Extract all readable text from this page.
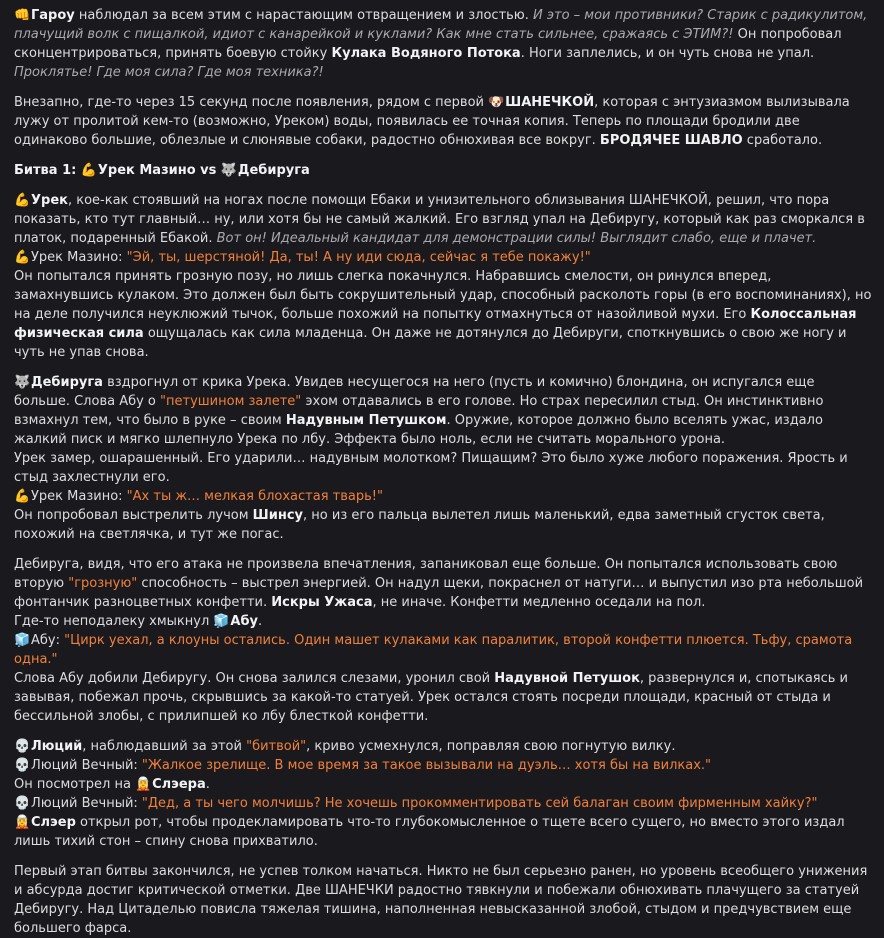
👊Гароу наблюдал за всем этим с нарастающим отвращением и злостью. И это – мои противники? Старик с радикулитом, плачущий волк с пищалкой, идиот с канарейкой и куклами? Как мне стать сильнее, сражаясь с ЭТИМ?! Он попробовал сконцентрироваться, принять боевую стойку Кулака Водяного Потока. Ноги заплелись, и он чуть снова не упал. Проклятье! Где моя сила? Где моя техника?!

Внезапно, где-то через 15 секунд после появления, рядом с первой 🐶ШАНЕЧКОЙ, которая с энтузиазмом вылизывала лужу от пролитой кем-то (возможно, Уреком) воды, появилась ее точная копия. Теперь по площади бродили две одинаково большие, облезлые и слюнявые собаки, радостно обнюхивая все вокруг. БРОДЯЧЕЕ ШАВЛО сработало.

Битва 1: 💪Урек Мазино vs 🐺Дебируга

💪Урек, кое-как стоявший на ногах после помощи Ебаки и унизительного облизывания ШАНЕЧКОЙ, решил, что пора показать, кто тут главный… ну, или хотя бы не самый жалкий. Его взгляд упал на Дебиругу, который как раз сморкался в платок, подаренный Ебакой. Вот он! Идеальный кандидат для демонстрации силы! Выглядит слабо, еще и плачет.

💪Урек Мазино: "Эй, ты, шерстяной! Да, ты! А ну иди сюда, сейчас я тебе покажу!"

Он попытался принять грозную позу, но лишь слегка покачнулся. Набравшись смелости, он ринулся вперед, замахнувшись кулаком. Это должен был быть сокрушительный удар, способный расколоть горы (в его воспоминаниях), но на деле получился неуклюжий тычок, больше похожий на попытку отмахнуться от назойливой мухи. Его Колоссальная физическая сила ощущалась как сила младенца. Он даже не дотянулся до Дебируги, споткнувшись о свою же ногу и чуть не упав снова.

🐺Дебируга вздрогнул от крика Урека. Увидев несущегося на него (пусть и комично) блондина, он испугался еще больше. Слова Абу о "петушином залете" эхом отдавались в его голове. Но страх пересилил стыд. Он инстинктивно взмахнул тем, что было в руке – своим Надувным Петушком. Оружие, которое должно было вселять ужас, издало жалкий писк и мягко шлепнуло Урека по лбу. Эффекта было ноль, если не считать морального урона.

Урек замер, ошарашенный. Его ударили… надувным молотком? Пищащим? Это было хуже любого поражения. Ярость и стыд захлестнули его.

💪Урек Мазино: "Ах ты ж… мелкая блохастая тварь!"

Он попробовал выстрелить лучом Шинсу, но из его пальца вылетел лишь маленький, едва заметный сгусток света, похожий на светлячка, и тут же погас.

Дебируга, видя, что его атака не произвела впечатления, запаниковал еще больше. Он попытался использовать свою вторую "грозную" способность – выстрел энергией. Он надул щеки, покраснел от натуги… и выпустил изо рта небольшой фонтанчик разноцветных конфетти. Искры Ужаса, не иначе. Конфетти медленно оседали на пол.

Где-то неподалеку хмыкнул 🧊Абу.

🧊Абу: "Цирк уехал, а клоуны остались. Один машет кулаками как паралитик, второй конфетти плюется. Тьфу, срамота одна."

Слова Абу добили Дебиругу. Он снова залился слезами, уронил свой Надувной Петушок, развернулся и, спотыкаясь и завывая, побежал прочь, скрывшись за какой-то статуей. Урек остался стоять посреди площади, красный от стыда и бессильной злобы, с прилипшей ко лбу блесткой конфетти.

💀Люций, наблюдавший за этой "битвой", криво усмехнулся, поправляя свою погнутую вилку.

💀Люций Вечный: "Жалкое зрелище. В мое время за такое вызывали на дуэль… хотя бы на вилках."

Он посмотрел на 🧝Слэера.

💀Люций Вечный: "Дед, а ты чего молчишь? Не хочешь прокомментировать сей балаган своим фирменным хайку?"

🧝Слэер открыл рот, чтобы продекламировать что-то глубокомысленное о тщете всего сущего, но вместо этого издал лишь тихий стон – спину снова прихватило.

Первый этап битвы закончился, не успев толком начаться. Никто не был серьезно ранен, но уровень всеобщего унижения и абсурда достиг критической отметки. Две ШАНЕЧКИ радостно тявкнули и побежали обнюхивать плачущего за статуей Дебиругу. Над Цитаделью повисла тяжелая тишина, наполненная невысказанной злобой, стыдом и предчувствием еще большего фарса.
